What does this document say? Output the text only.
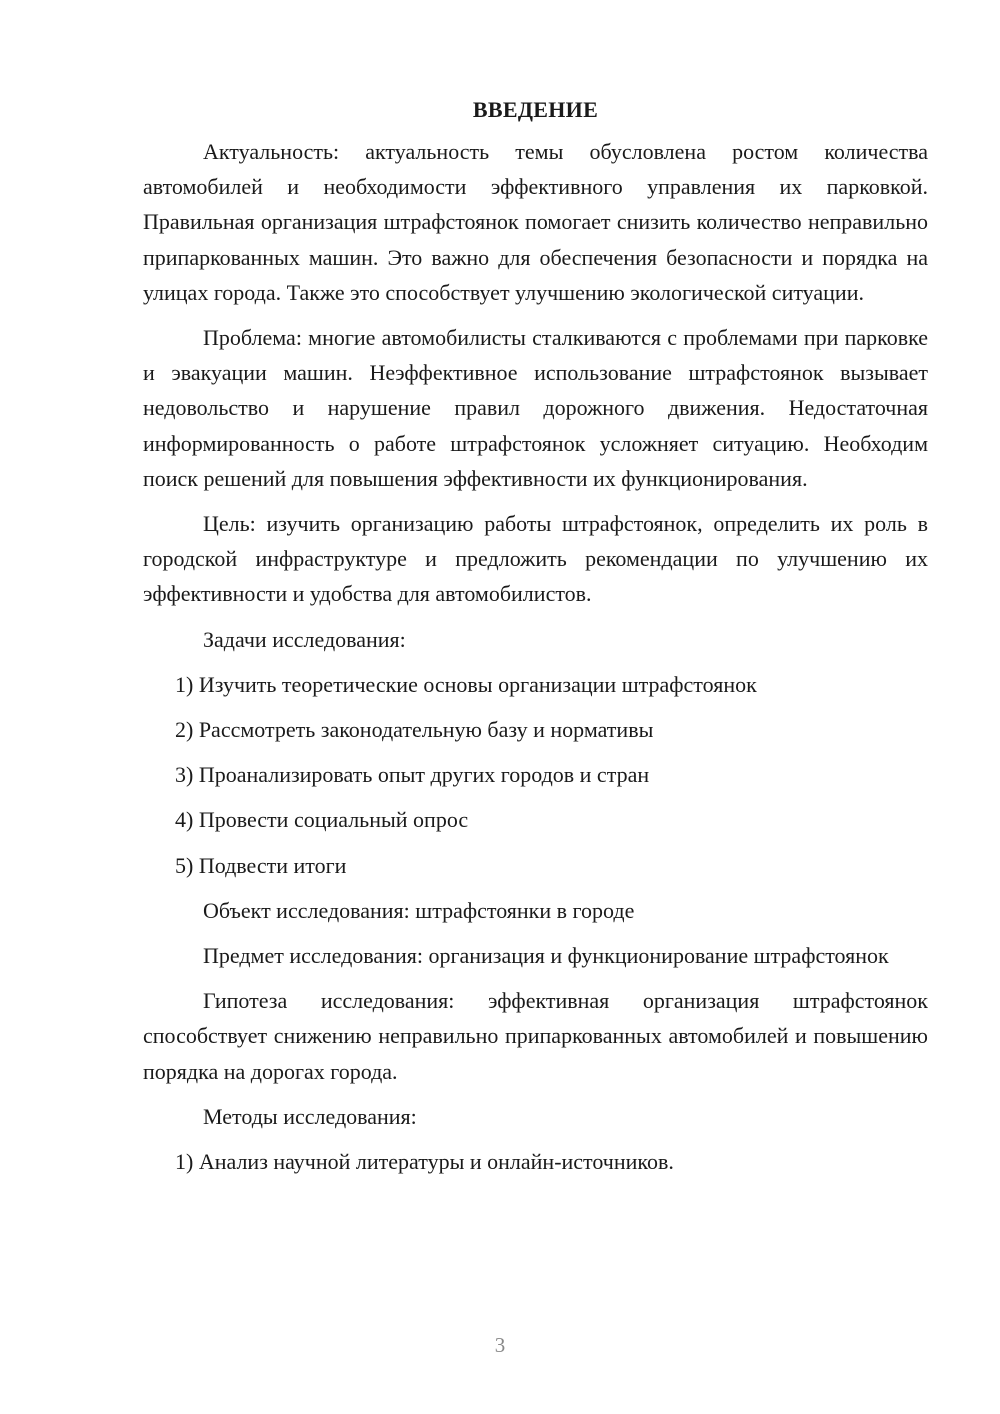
ВВЕДЕНИЕ

Актуальность: актуальность темы обусловлена ростом количества автомобилей и необходимости эффективного управления их парковкой. Правильная организация штрафстоянок помогает снизить количество неправильно припаркованных машин. Это важно для обеспечения безопасности и порядка на улицах города. Также это способствует улучшению экологической ситуации.

Проблема: многие автомобилисты сталкиваются с проблемами при парковке и эвакуации машин. Неэффективное использование штрафстоянок вызывает недовольство и нарушение правил дорожного движения. Недостаточная информированность о работе штрафстоянок усложняет ситуацию. Необходим поиск решений для повышения эффективности их функционирования.

Цель: изучить организацию работы штрафстоянок, определить их роль в городской инфраструктуре и предложить рекомендации по улучшению их эффективности и удобства для автомобилистов.

Задачи исследования:

1) Изучить теоретические основы организации штрафстоянок

2) Рассмотреть законодательную базу и нормативы

3) Проанализировать опыт других городов и стран

4) Провести социальный опрос

5) Подвести итоги

Объект исследования: штрафстоянки в городе

Предмет исследования: организация и функционирование штрафстоянок

Гипотеза исследования: эффективная организация штрафстоянок способствует снижению неправильно припаркованных автомобилей и повышению порядка на дорогах города.

Методы исследования:

1) Анализ научной литературы и онлайн-источников.

3
